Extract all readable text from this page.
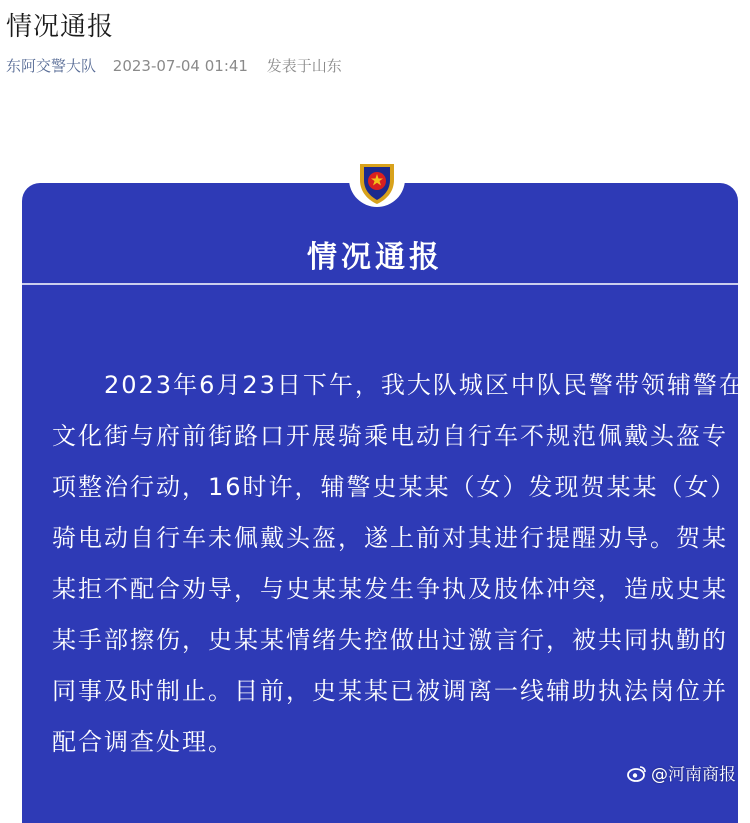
情况通报
东阿交警大队 2023-07-04 01:41 发表于山东
情况通报
　　2023年6月23日下午，我大队城区中队民警带领辅警在
文化街与府前街路口开展骑乘电动自行车不规范佩戴头盔专
项整治行动，16时许，辅警史某某（女）发现贺某某（女）
骑电动自行车未佩戴头盔，遂上前对其进行提醒劝导。贺某
某拒不配合劝导，与史某某发生争执及肢体冲突，造成史某
某手部擦伤，史某某情绪失控做出过激言行，被共同执勤的
同事及时制止。目前，史某某已被调离一线辅助执法岗位并
配合调查处理。
@河南商报
